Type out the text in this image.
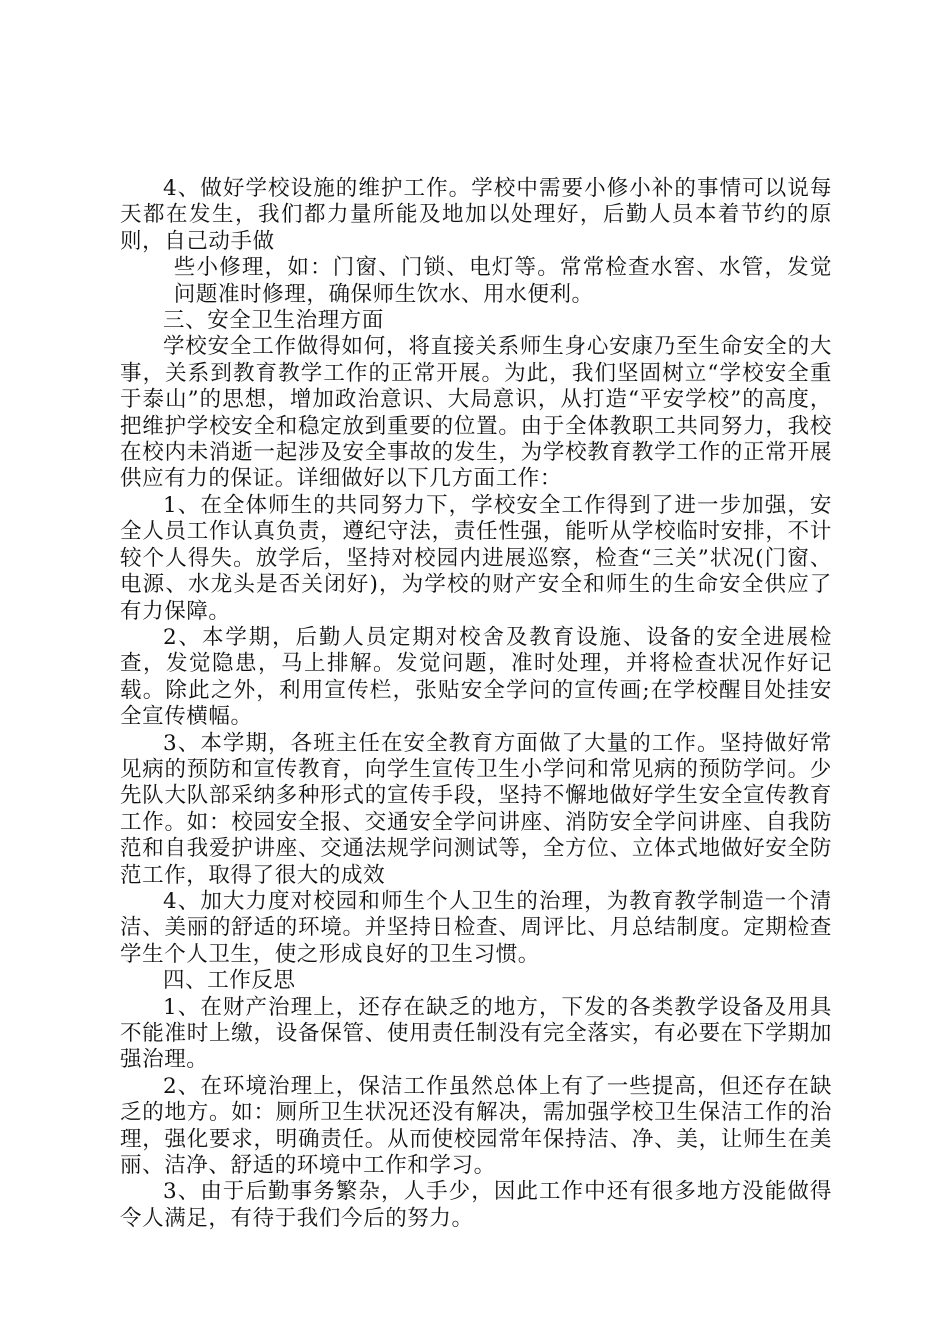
4、做好学校设施的维护工作。学校中需要小修小补的事情可以说每天都在发生，我们都力量所能及地加以处理好，后勤人员本着节约的原则，自己动手做

些小修理，如：门窗、门锁、电灯等。常常检查水窖、水管，发觉问题准时修理，确保师生饮水、用水便利。

三、安全卫生治理方面

学校安全工作做得如何，将直接关系师生身心安康乃至生命安全的大事，关系到教育教学工作的正常开展。为此，我们坚固树立“学校安全重于泰山”的思想，增加政治意识、大局意识，从打造“平安学校”的高度，把维护学校安全和稳定放到重要的位置。由于全体教职工共同努力，我校在校内未消逝一起涉及安全事故的发生，为学校教育教学工作的正常开展供应有力的保证。详细做好以下几方面工作：

1、在全体师生的共同努力下，学校安全工作得到了进一步加强，安全人员工作认真负责，遵纪守法，责任性强，能听从学校临时安排，不计较个人得失。放学后，坚持对校园内进展巡察，检查“三关”状况(门窗、电源、水龙头是否关闭好)，为学校的财产安全和师生的生命安全供应了有力保障。

2、本学期，后勤人员定期对校舍及教育设施、设备的安全进展检查，发觉隐患，马上排解。发觉问题，准时处理，并将检查状况作好记载。除此之外，利用宣传栏，张贴安全学问的宣传画;在学校醒目处挂安全宣传横幅。

3、本学期，各班主任在安全教育方面做了大量的工作。坚持做好常见病的预防和宣传教育，向学生宣传卫生小学问和常见病的预防学问。少先队大队部采纳多种形式的宣传手段，坚持不懈地做好学生安全宣传教育工作。如：校园安全报、交通安全学问讲座、消防安全学问讲座、自我防范和自我爱护讲座、交通法规学问测试等，全方位、立体式地做好安全防范工作，取得了很大的成效

4、加大力度对校园和师生个人卫生的治理，为教育教学制造一个清洁、美丽的舒适的环境。并坚持日检查、周评比、月总结制度。定期检查学生个人卫生，使之形成良好的卫生习惯。

四、工作反思

1、在财产治理上，还存在缺乏的地方，下发的各类教学设备及用具不能准时上缴，设备保管、使用责任制没有完全落实，有必要在下学期加强治理。

2、在环境治理上，保洁工作虽然总体上有了一些提高，但还存在缺乏的地方。如：厕所卫生状况还没有解决，需加强学校卫生保洁工作的治理，强化要求，明确责任。从而使校园常年保持洁、净、美，让师生在美丽、洁净、舒适的环境中工作和学习。

3、由于后勤事务繁杂，人手少，因此工作中还有很多地方没能做得令人满足，有待于我们今后的努力。
